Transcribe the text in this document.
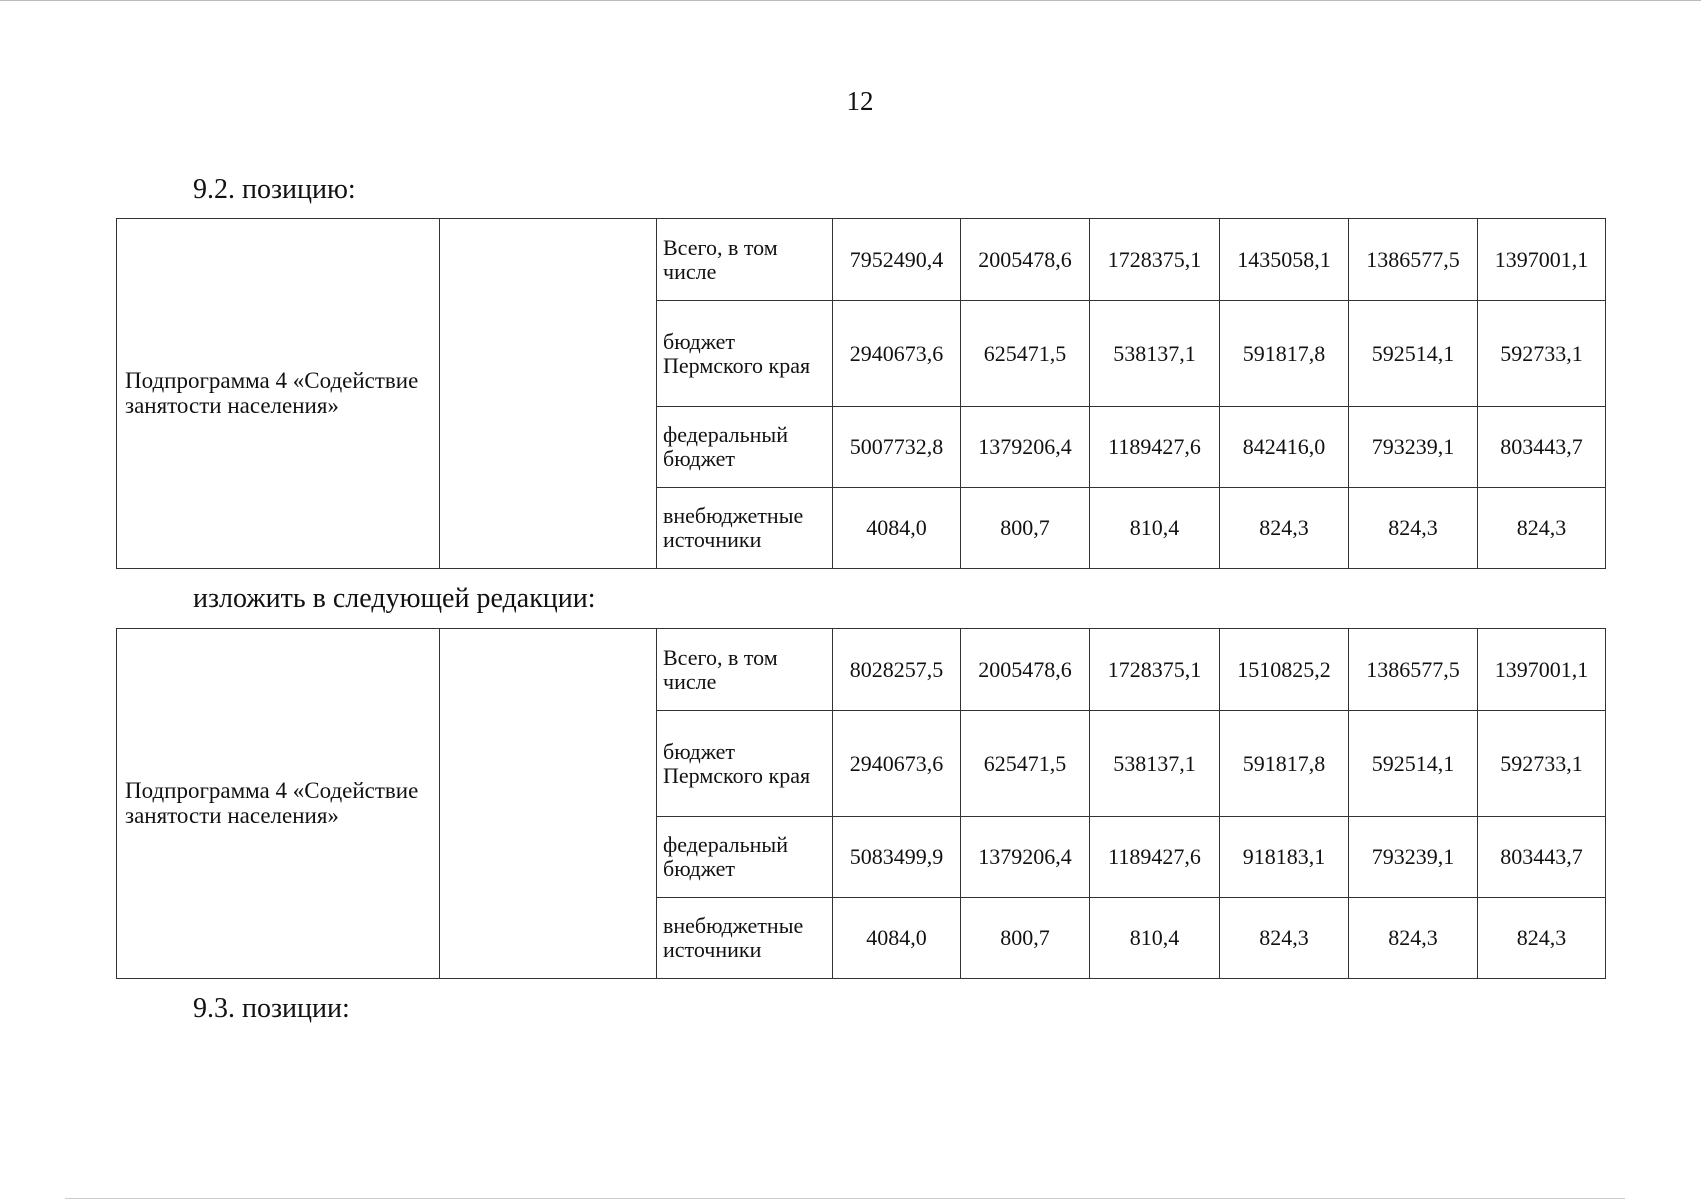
12
9.2. позицию:
Подпрограмма 4 «Содействие занятости населения»		Всего, в том числе	7952490,4	2005478,6	1728375,1	1435058,1	1386577,5	1397001,1
		бюджет Пермского края	2940673,6	625471,5	538137,1	591817,8	592514,1	592733,1
		федеральный бюджет	5007732,8	1379206,4	1189427,6	842416,0	793239,1	803443,7
		внебюджетные источники	4084,0	800,7	810,4	824,3	824,3	824,3
изложить в следующей редакции:
Подпрограмма 4 «Содействие занятости населения»		Всего, в том числе	8028257,5	2005478,6	1728375,1	1510825,2	1386577,5	1397001,1
		бюджет Пермского края	2940673,6	625471,5	538137,1	591817,8	592514,1	592733,1
		федеральный бюджет	5083499,9	1379206,4	1189427,6	918183,1	793239,1	803443,7
		внебюджетные источники	4084,0	800,7	810,4	824,3	824,3	824,3
9.3. позиции:
